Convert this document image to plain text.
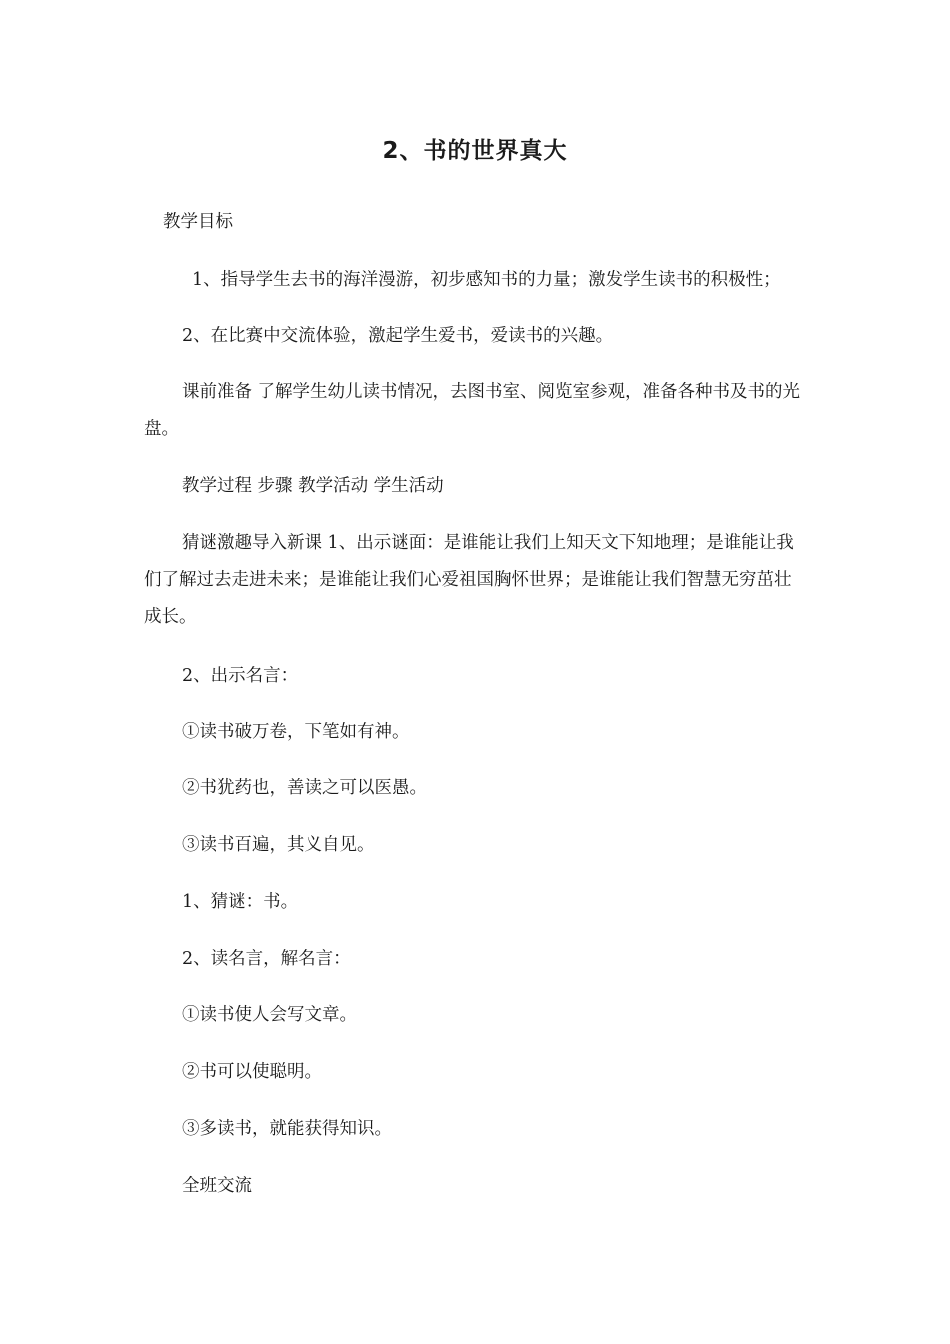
2、书的世界真大
教学目标
1、指导学生去书的海洋漫游，初步感知书的力量；激发学生读书的积极性；
2、在比赛中交流体验，激起学生爱书，爱读书的兴趣。
课前准备 了解学生幼儿读书情况，去图书室、阅览室参观，准备各种书及书的光盘。
教学过程 步骤 教学活动 学生活动
猜谜激趣导入新课 1、出示谜面：是谁能让我们上知天文下知地理；是谁能让我们了解过去走进未来；是谁能让我们心爱祖国胸怀世界；是谁能让我们智慧无穷茁壮成长。
2、出示名言：
①读书破万卷，下笔如有神。
②书犹药也，善读之可以医愚。
③读书百遍，其义自见。
1、猜谜：书。
2、读名言，解名言：
①读书使人会写文章。
②书可以使聪明。
③多读书，就能获得知识。
全班交流
